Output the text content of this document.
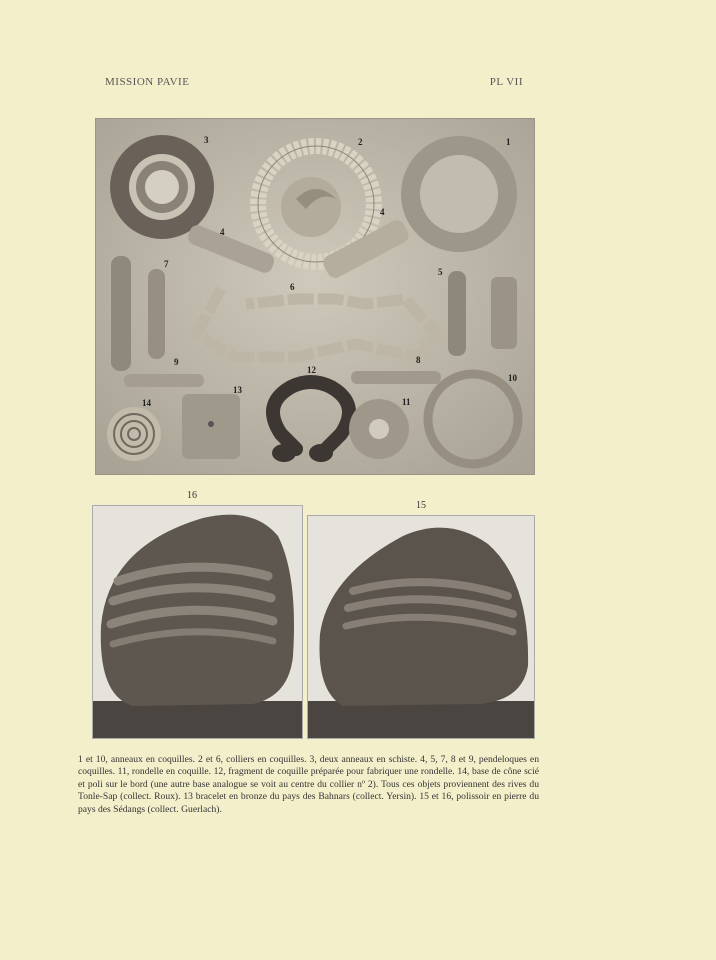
MISSION PAVIE	PL VII
3	2	1
4
4
7
5
6
9	8
12
10
13
14	11
16
15
1 et 10, anneaux en coquilles. 2 et 6, colliers en coquilles. 3, deux anneaux en schiste. 4, 5, 7, 8 et 9, pendeloques en coquilles. 11, rondelle en coquille. 12, fragment de coquille préparée pour fabriquer une rondelle. 14, base de cône scié et poli sur le bord (une autre base analogue se voit au centre du collier nº 2). Tous ces objets proviennent des rives du Tonle-Sap (collect. Roux). 13 bracelet en bronze du pays des Bahnars (collect. Yersin). 15 et 16, polissoir en pierre du pays des Sédangs (collect. Guerlach).
